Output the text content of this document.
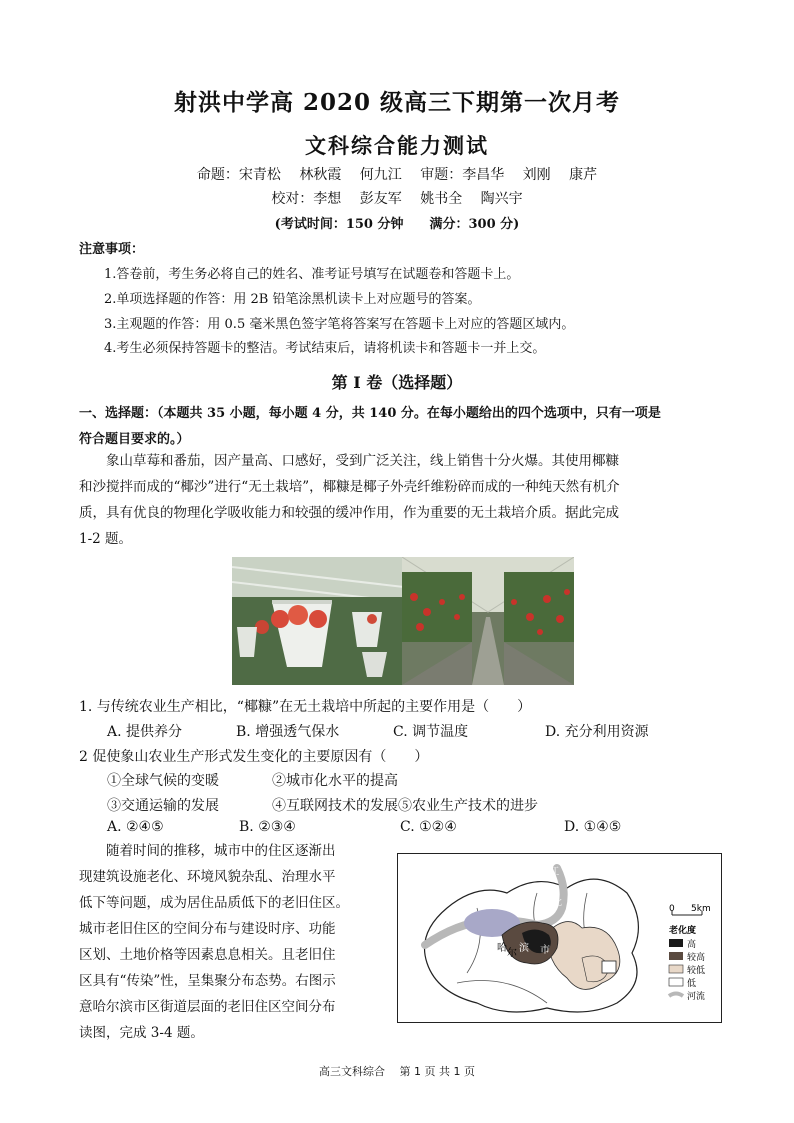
射洪中学高 2020 级高三下期第一次月考
文科综合能力测试
命题：宋青松　 林秋霞　 何九江　 审题：李昌华　 刘刚　 康芹
校对：李想　 彭友军　 姚书全　 陶兴宇
(考试时间：150 分钟　　满分：300 分)
注意事项：
1.答卷前，考生务必将自己的姓名、准考证号填写在试题卷和答题卡上。
2.单项选择题的作答：用 2B 铅笔涂黑机读卡上对应题号的答案。
3.主观题的作答：用 0.5 毫米黑色签字笔将答案写在答题卡上对应的答题区域内。
4.考生必须保持答题卡的整洁。考试结束后，请将机读卡和答题卡一并上交。
第 I 卷（选择题）
一、选择题：（本题共 35 小题，每小题 4 分，共 140 分。在每小题给出的四个选项中，只有一项是
符合题目要求的。）
　　象山草莓和番茄，因产量高、口感好，受到广泛关注，线上销售十分火爆。其使用椰糠
和沙搅拌而成的“椰沙”进行“无土栽培”，椰糠是椰子外壳纤维粉碎而成的一种纯天然有机介
质，具有优良的物理化学吸收能力和较强的缓冲作用，作为重要的无土栽培介质。据此完成
1-2 题。
1. 与传统农业生产相比，“椰糠”在无土栽培中所起的主要作用是（　　）
A. 提供养分	B. 增强透气保水	C. 调节温度	D. 充分利用资源
2 促使象山农业生产形式发生变化的主要原因有（　　）
①全球气候的变暖	②城市化水平的提高
③交通运输的发展	④互联网技术的发展⑤农业生产技术的进步
A. ②④⑤	B. ②③④	C. ①②④	D. ①④⑤
　　随着时间的推移，城市中的住区逐渐出
现建筑设施老化、环境风貌杂乱、治理水平
低下等问题，成为居住品质低下的老旧住区。
城市老旧住区的空间分布与建设时序、功能
区划、土地价格等因素息息相关。且老旧住
区具有“传染”性，呈集聚分布态势。右图示
意哈尔滨市区街道层面的老旧住区空间分布
读图，完成 3-4 题。
江
北
哈 尔 滨 市
0 5km
老化度
高
较高
较低
低
河流
高三文科综合　 第 1 页 共 1 页
